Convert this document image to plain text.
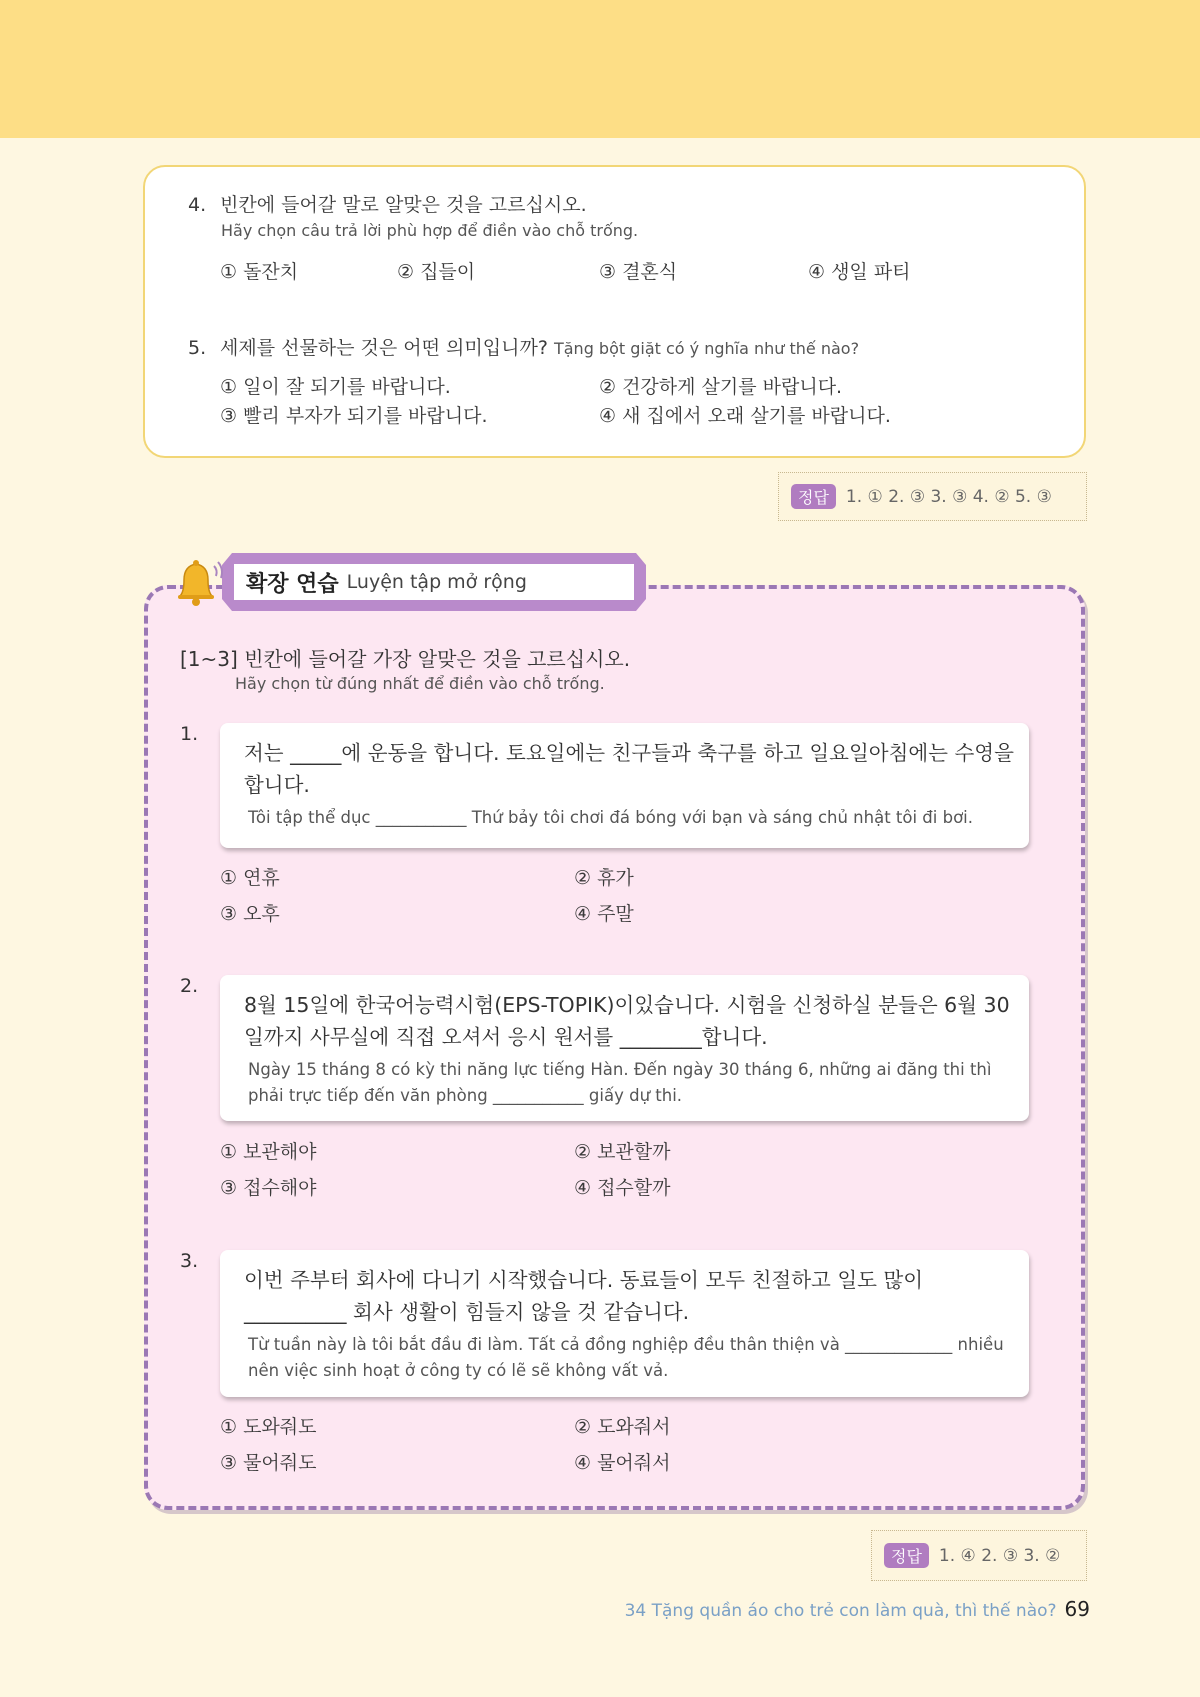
4. 빈칸에 들어갈 말로 알맞은 것을 고르십시오.
Hãy chọn câu trả lời phù hợp để điền vào chỗ trống.
① 돌잔치	② 집들이	③ 결혼식	④ 생일 파티
5. 세제를 선물하는 것은 어떤 의미입니까? Tặng bột giặt có ý nghĩa như thế nào?
① 일이 잘 되기를 바랍니다.	② 건강하게 살기를 바랍니다.
③ 빨리 부자가 되기를 바랍니다.	④ 새 집에서 오래 살기를 바랍니다.
정답	1. ① 2. ③ 3. ③ 4. ② 5. ③
확장 연습 Luyện tập mở rộng
[1~3] 빈칸에 들어갈 가장 알맞은 것을 고르십시오.
Hãy chọn từ đúng nhất để điền vào chỗ trống.
1.
저는 _____에 운동을 합니다. 토요일에는 친구들과 축구를 하고 일요일아침에는 수영을 합니다.
Tôi tập thể dục ___________ Thứ bảy tôi chơi đá bóng với bạn và sáng chủ nhật tôi đi bơi.
① 연휴	② 휴가
③ 오후	④ 주말
2.
8월 15일에 한국어능력시험(EPS-TOPIK)이있습니다. 시험을 신청하실 분들은 6월 30일까지 사무실에 직접 오셔서 응시 원서를 ________합니다.
Ngày 15 tháng 8 có kỳ thi năng lực tiếng Hàn. Đến ngày 30 tháng 6, những ai đăng thi thì phải trực tiếp đến văn phòng ___________ giấy dự thi.
① 보관해야	② 보관할까
③ 접수해야	④ 접수할까
3.
이번 주부터 회사에 다니기 시작했습니다. 동료들이 모두 친절하고 일도 많이__________ 회사 생활이 힘들지 않을 것 같습니다.
Từ tuần này là tôi bắt đầu đi làm. Tất cả đồng nghiệp đều thân thiện và _____________ nhiều nên việc sinh hoạt ở công ty có lẽ sẽ không vất vả.
① 도와줘도	② 도와줘서
③ 물어줘도	④ 물어줘서
정답	1. ④ 2. ③ 3. ②
34 Tặng quần áo cho trẻ con làm quà, thì thế nào? 69
